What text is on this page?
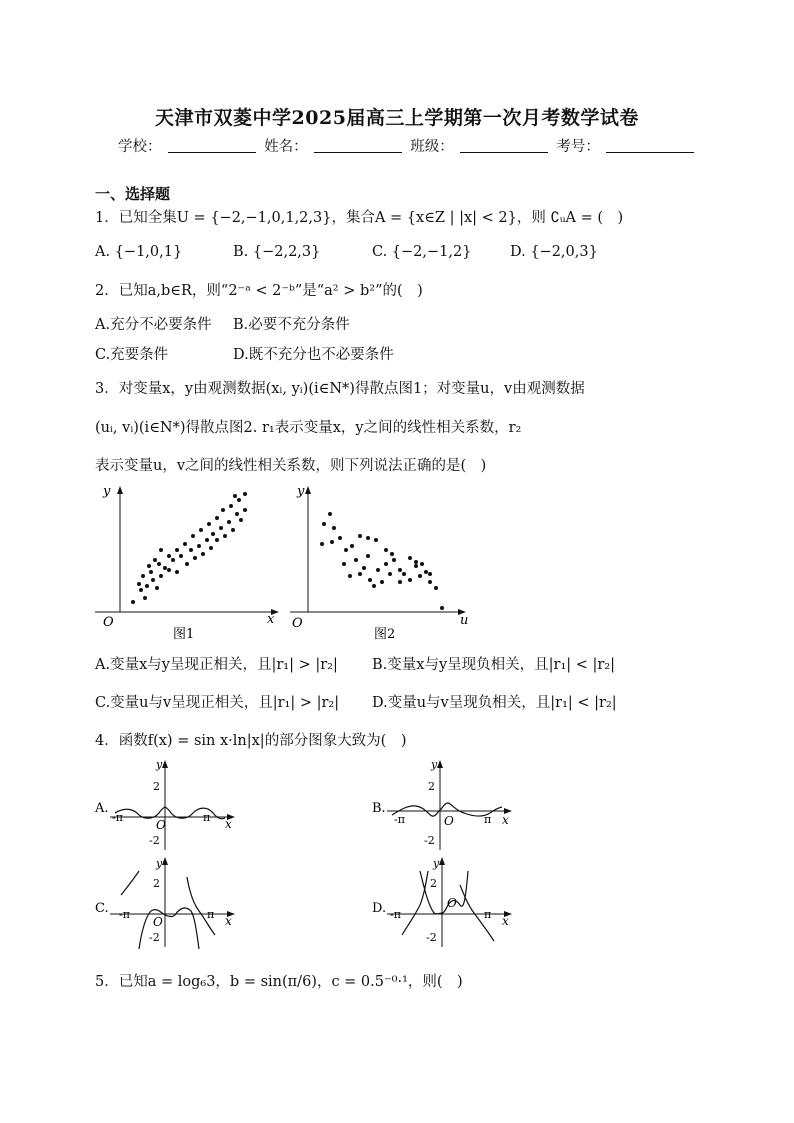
天津市双菱中学2025届高三上学期第一次月考数学试卷
学校：	姓名：	班级：	考号：
一、选择题
1．已知全集U = {−2,−1,0,1,2,3}，集合A = {x∈Z | |x| < 2}，则 ∁ᵤA = (　)
A. {−1,0,1}	B. {−2,2,3}	C. {−2,−1,2}	D. {−2,0,3}
2．已知a,b∈R，则“2⁻ᵃ < 2⁻ᵇ”是“a² > b²”的(　)
A.充分不必要条件 B.必要不充分条件
C.充要条件	D.既不充分也不必要条件
3．对变量x，y由观测数据(xᵢ, yᵢ)(i∈N*)得散点图1；对变量u，v由观测数据
(uᵢ, vᵢ)(i∈N*)得散点图2. r₁表示变量x，y之间的线性相关系数，r₂
表示变量u，v之间的线性相关系数，则下列说法正确的是(　)
y
x
O
图1
y
u
O
图2
A.变量x与y呈现正相关，且|r₁| > |r₂| B.变量x与y呈现负相关，且|r₁| < |r₂|
C.变量u与v呈现正相关，且|r₁| > |r₂| D.变量u与v呈现负相关，且|r₁| < |r₂|
4．函数f(x) = sin x·ln|x|的部分图象大致为(　)
A.
y
2
-2
-π	π
O	x
B.
y
2
-2
-π	π
O	x
C.
y
2
-2
-π	π
O	x
D.
y
2
-2
-π	π
O
x
5．已知a = log₆3，b = sin(π/6)，c = 0.5⁻⁰·¹，则(　)
